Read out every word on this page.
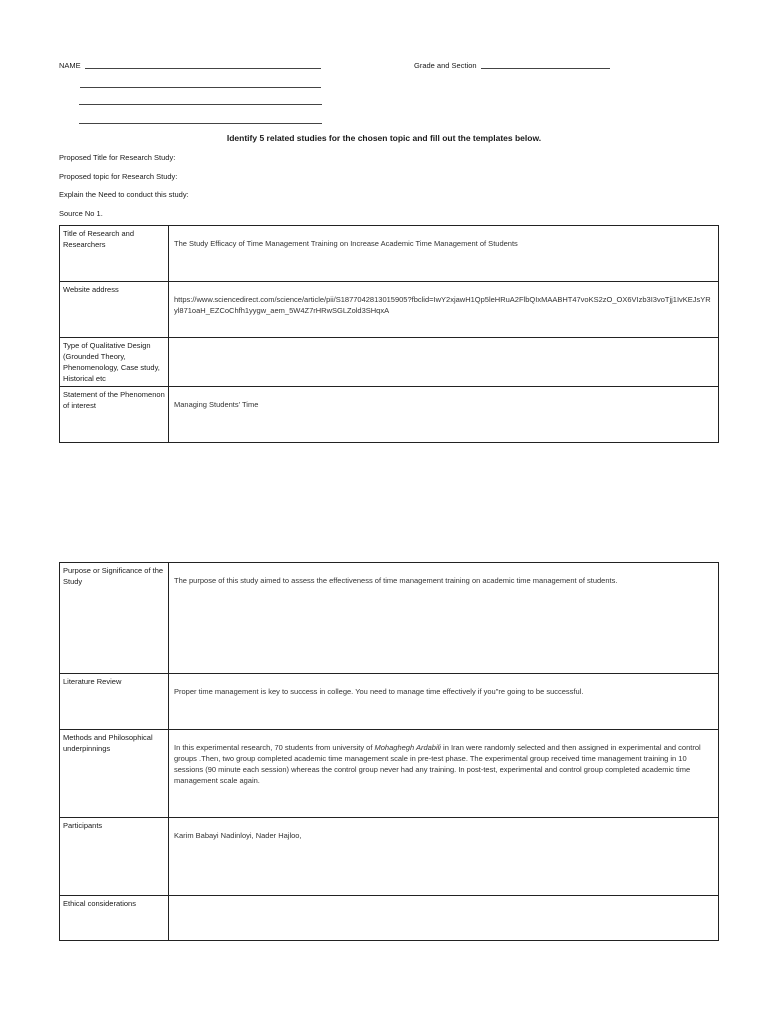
NAME	Grade and Section
Identify 5 related studies for the chosen topic and fill out the templates below.
Proposed Title for Research Study:
Proposed topic for Research Study:
Explain the Need to conduct this study:
Source No 1.
Title of Research and Researchers	The Study Efficacy of Time Management Training on Increase Academic Time Management of Students
Website address	https://www.sciencedirect.com/science/article/pii/S1877042813015905?fbclid=IwY2xjawH1Qp5leHRuA2FlbQIxMAABHT47voKS2zO_OX6VIzb3I3voTjj1IvKEJsYRyl871oaH_EZCoChfh1yygw_aem_5W4Z7rHRwSGLZold3SHqxA
Type of Qualitative Design (Grounded Theory, Phenomenology, Case study, Historical etc	
Statement of the Phenomenon of interest	Managing Students' Time
Purpose or Significance of the Study	The purpose of this study aimed to assess the effectiveness of time management training on academic time management of students.
Literature Review	Proper time management is key to success in college. You need to manage time effectively if you"re going to be successful.
Methods and Philosophical underpinnings	In this experimental research, 70 students from university of Mohaghegh Ardabili in Iran were randomly selected and then assigned in experimental and control groups .Then, two group completed academic time management scale in pre-test phase. The experimental group received time management training in 10 sessions (90 minute each session) whereas the control group never had any training. In post-test, experimental and control group completed academic time management scale again.
Participants	Karim Babayi Nadinloyi, Nader Hajloo,
Ethical considerations	
